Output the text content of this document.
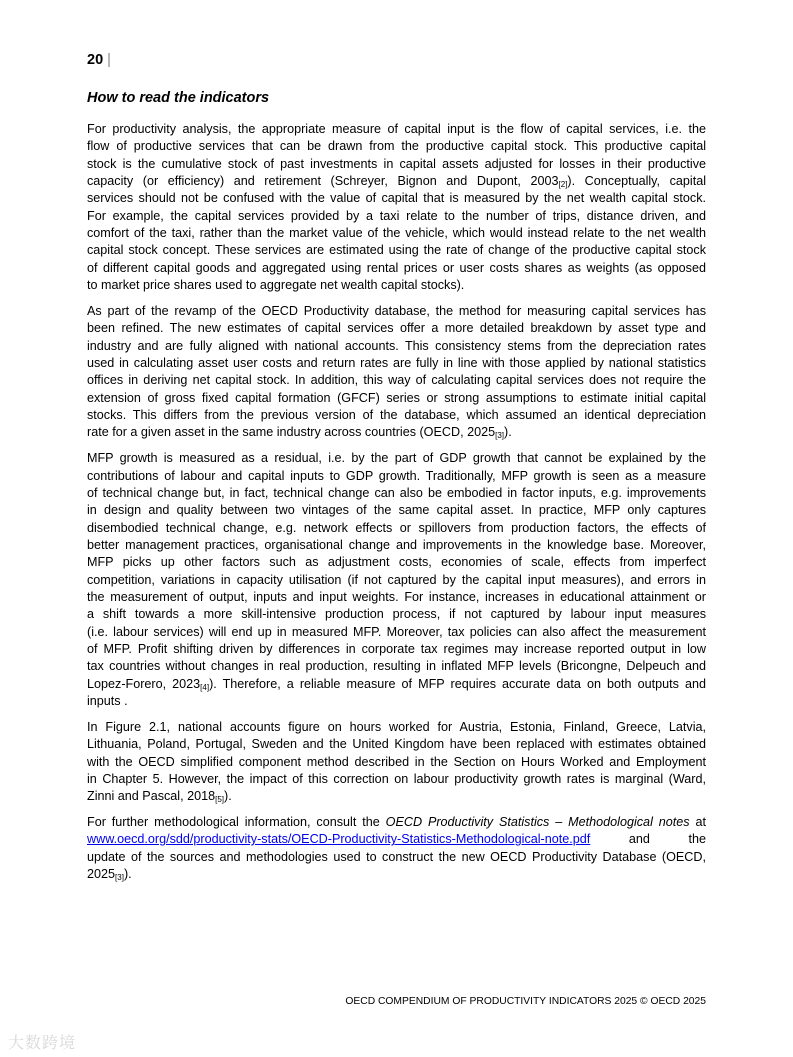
20 |
How to read the indicators
For productivity analysis, the appropriate measure of capital input is the flow of capital services, i.e. the
flow of productive services that can be drawn from the productive capital stock. This productive capital
stock is the cumulative stock of past investments in capital assets adjusted for losses in their productive
capacity (or efficiency) and retirement (Schreyer, Bignon and Dupont, 2003[2]). Conceptually, capital
services should not be confused with the value of capital that is measured by the net wealth capital stock.
For example, the capital services provided by a taxi relate to the number of trips, distance driven, and
comfort of the taxi, rather than the market value of the vehicle, which would instead relate to the net wealth
capital stock concept. These services are estimated using the rate of change of the productive capital stock
of different capital goods and aggregated using rental prices or user costs shares as weights (as opposed
to market price shares used to aggregate net wealth capital stocks).
As part of the revamp of the OECD Productivity database, the method for measuring capital services has
been refined. The new estimates of capital services offer a more detailed breakdown by asset type and
industry and are fully aligned with national accounts. This consistency stems from the depreciation rates
used in calculating asset user costs and return rates are fully in line with those applied by national statistics
offices in deriving net capital stock. In addition, this way of calculating capital services does not require the
extension of gross fixed capital formation (GFCF) series or strong assumptions to estimate initial capital
stocks. This differs from the previous version of the database, which assumed an identical depreciation
rate for a given asset in the same industry across countries (OECD, 2025[3]).
MFP growth is measured as a residual, i.e. by the part of GDP growth that cannot be explained by the
contributions of labour and capital inputs to GDP growth. Traditionally, MFP growth is seen as a measure
of technical change but, in fact, technical change can also be embodied in factor inputs, e.g. improvements
in design and quality between two vintages of the same capital asset. In practice, MFP only captures
disembodied technical change, e.g. network effects or spillovers from production factors, the effects of
better management practices, organisational change and improvements in the knowledge base. Moreover,
MFP picks up other factors such as adjustment costs, economies of scale, effects from imperfect
competition, variations in capacity utilisation (if not captured by the capital input measures), and errors in
the measurement of output, inputs and input weights. For instance, increases in educational attainment or
a shift towards a more skill-intensive production process, if not captured by labour input measures
(i.e. labour services) will end up in measured MFP. Moreover, tax policies can also affect the measurement
of MFP. Profit shifting driven by differences in corporate tax regimes may increase reported output in low
tax countries without changes in real production, resulting in inflated MFP levels (Bricongne, Delpeuch and
Lopez-Forero, 2023[4]). Therefore, a reliable measure of MFP requires accurate data on both outputs and
inputs .
In Figure 2.1, national accounts figure on hours worked for Austria, Estonia, Finland, Greece, Latvia,
Lithuania, Poland, Portugal, Sweden and the United Kingdom have been replaced with estimates obtained
with the OECD simplified component method described in the Section on Hours Worked and Employment
in Chapter 5. However, the impact of this correction on labour productivity growth rates is marginal (Ward,
Zinni and Pascal, 2018[5]).
For further methodological information, consult the OECD Productivity Statistics – Methodological notes at
www.oecd.org/sdd/productivity-stats/OECD-Productivity-Statistics-Methodological-note.pdf and the
update of the sources and methodologies used to construct the new OECD Productivity Database (OECD,
2025[3]).
OECD COMPENDIUM OF PRODUCTIVITY INDICATORS 2025 © OECD 2025
大数跨境
